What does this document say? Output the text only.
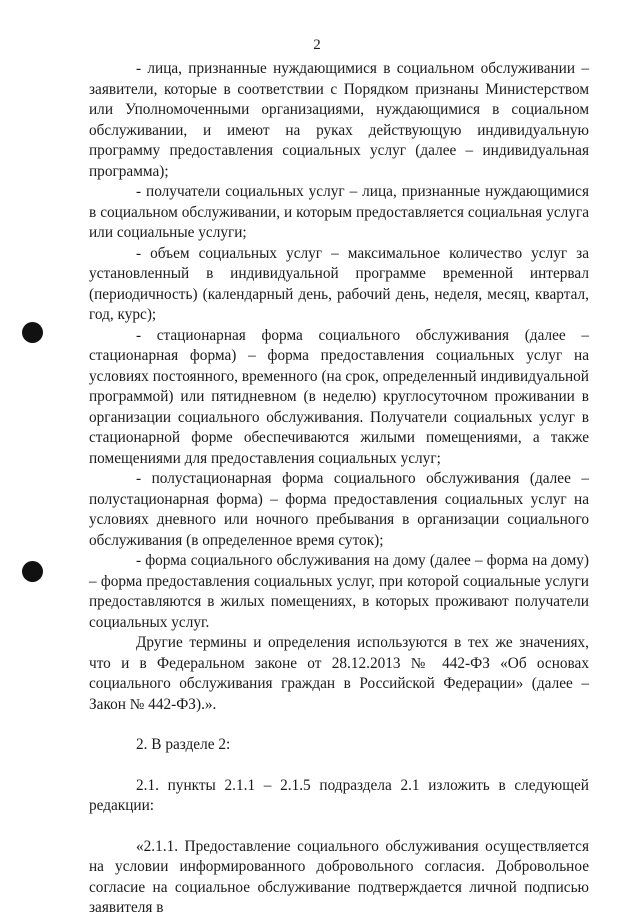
2

- лица, признанные нуждающимися в социальном обслуживании – заявители, которые в соответствии с Порядком признаны Министерством или Уполномоченными организациями, нуждающимися в социальном обслуживании, и имеют на руках действующую индивидуальную программу предоставления социальных услуг (далее – индивидуальная программа);

- получатели социальных услуг – лица, признанные нуждающимися в социальном обслуживании, и которым предоставляется социальная услуга или социальные услуги;

- объем социальных услуг – максимальное количество услуг за установленный в индивидуальной программе временной интервал (периодичность) (календарный день, рабочий день, неделя, месяц, квартал, год, курс);

- стационарная форма социального обслуживания (далее – стационарная форма) – форма предоставления социальных услуг на условиях постоянного, временного (на срок, определенный индивидуальной программой) или пятидневном (в неделю) круглосуточном проживании в организации социального обслуживания. Получатели социальных услуг в стационарной форме обеспечиваются жилыми помещениями, а также помещениями для предоставления социальных услуг;

- полустационарная форма социального обслуживания (далее – полустационарная форма) – форма предоставления социальных услуг на условиях дневного или ночного пребывания в организации социального обслуживания (в определенное время суток);

- форма социального обслуживания на дому (далее – форма на дому) – форма предоставления социальных услуг, при которой социальные услуги предоставляются в жилых помещениях, в которых проживают получатели социальных услуг.

Другие термины и определения используются в тех же значениях, что и в Федеральном законе от 28.12.2013 № 442-ФЗ «Об основах социального обслуживания граждан в Российской Федерации» (далее – Закон № 442-ФЗ).».

2. В разделе 2:

2.1. пункты 2.1.1 – 2.1.5 подраздела 2.1 изложить в следующей редакции:

«2.1.1. Предоставление социального обслуживания осуществляется на условии информированного добровольного согласия. Добровольное согласие на социальное обслуживание подтверждается личной подписью заявителя в
